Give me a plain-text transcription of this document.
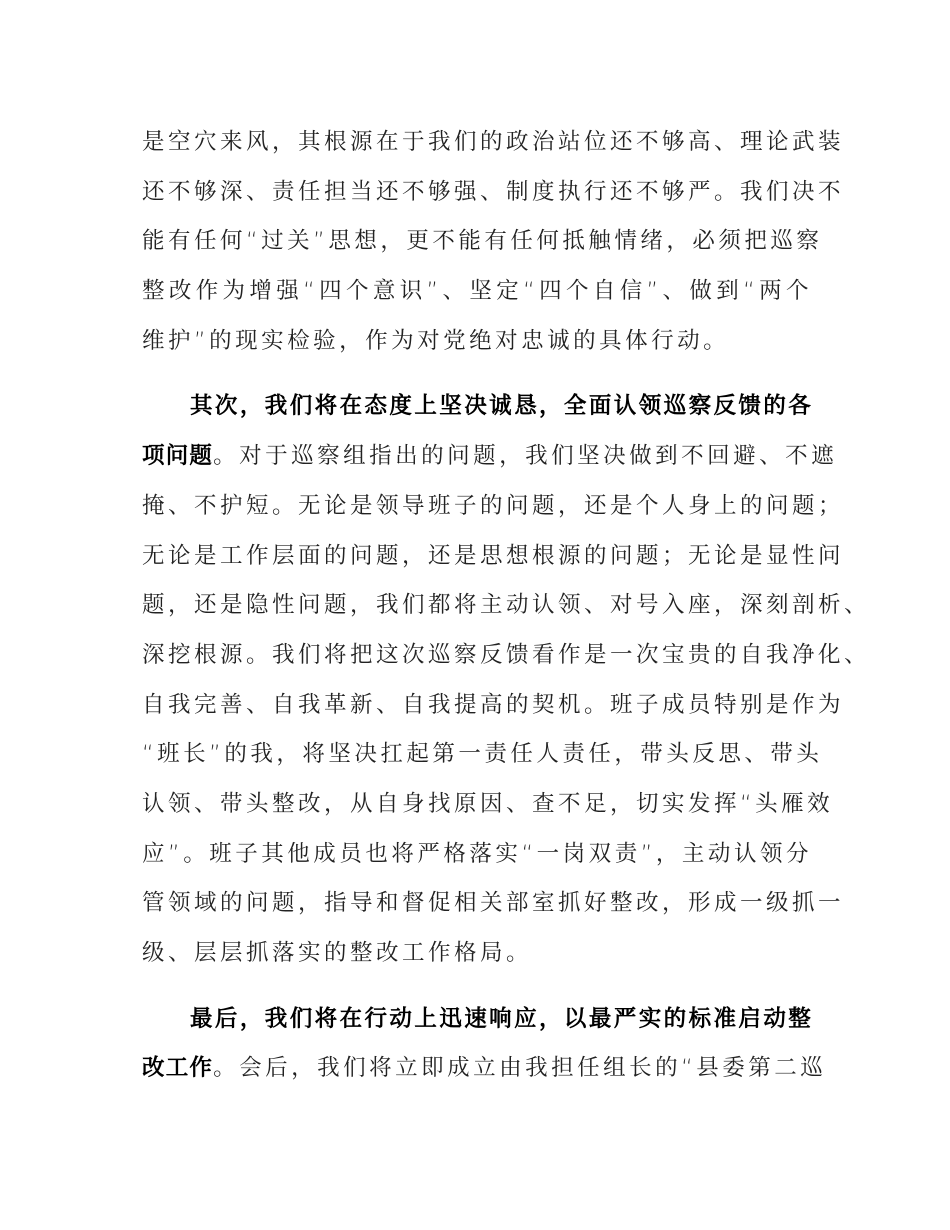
是空穴来风，其根源在于我们的政治站位还不够高、理论武装
还不够深、责任担当还不够强、制度执行还不够严。我们决不
能有任何“过关”思想，更不能有任何抵触情绪，必须把巡察
整改作为增强“四个意识”、坚定“四个自信”、做到“两个
维护”的现实检验，作为对党绝对忠诚的具体行动。
其次，我们将在态度上坚决诚恳，全面认领巡察反馈的各
项问题。对于巡察组指出的问题，我们坚决做到不回避、不遮
掩、不护短。无论是领导班子的问题，还是个人身上的问题；
无论是工作层面的问题，还是思想根源的问题；无论是显性问
题，还是隐性问题，我们都将主动认领、对号入座，深刻剖析、
深挖根源。我们将把这次巡察反馈看作是一次宝贵的自我净化、
自我完善、自我革新、自我提高的契机。班子成员特别是作为
“班长”的我，将坚决扛起第一责任人责任，带头反思、带头
认领、带头整改，从自身找原因、查不足，切实发挥“头雁效
应”。班子其他成员也将严格落实“一岗双责”，主动认领分
管领域的问题，指导和督促相关部室抓好整改，形成一级抓一
级、层层抓落实的整改工作格局。
最后，我们将在行动上迅速响应，以最严实的标准启动整
改工作。会后，我们将立即成立由我担任组长的“县委第二巡
